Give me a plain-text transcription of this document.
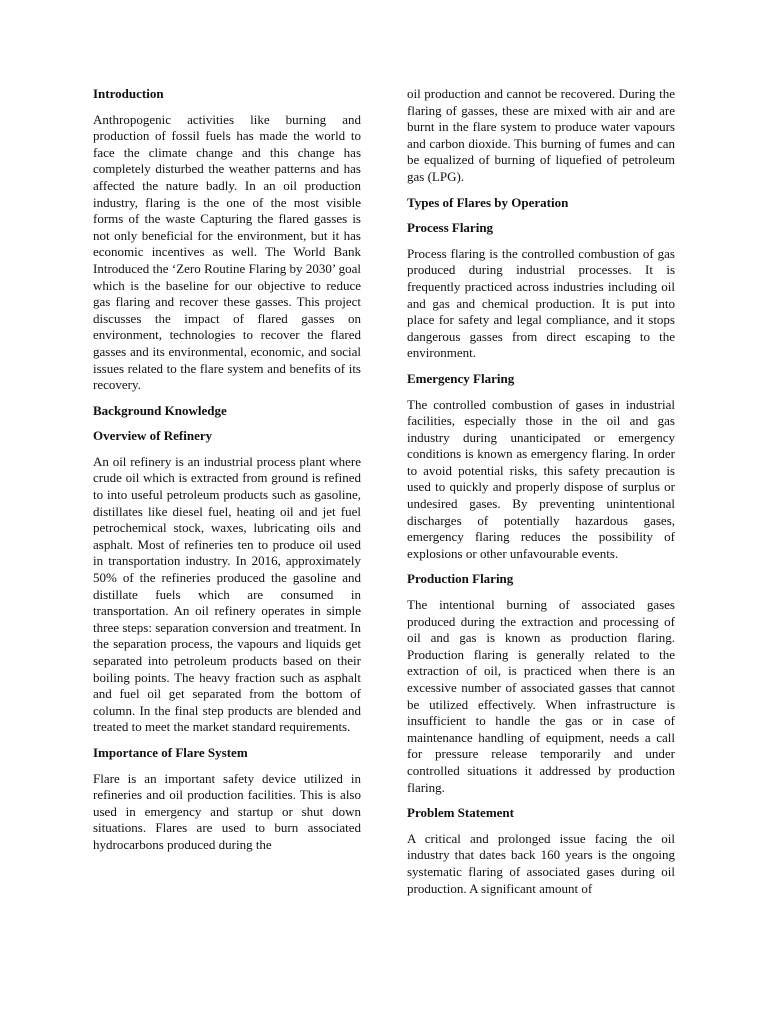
Introduction
Anthropogenic activities like burning and production of fossil fuels has made the world to face the climate change and this change has completely disturbed the weather patterns and has affected the nature badly. In an oil production industry, flaring is the one of the most visible forms of the waste Capturing the flared gasses is not only beneficial for the environment, but it has economic incentives as well. The World Bank Introduced the ‘Zero Routine Flaring by 2030’ goal which is the baseline for our objective to reduce gas flaring and recover these gasses. This project discusses the impact of flared gasses on environment, technologies to recover the flared gasses and its environmental, economic, and social issues related to the flare system and benefits of its recovery.
Background Knowledge
Overview of Refinery
An oil refinery is an industrial process plant where crude oil which is extracted from ground is refined to into useful petroleum products such as gasoline, distillates like diesel fuel, heating oil and jet fuel petrochemical stock, waxes, lubricating oils and asphalt. Most of refineries ten to produce oil used in transportation industry. In 2016, approximately 50% of the refineries produced the gasoline and distillate fuels which are consumed in transportation. An oil refinery operates in simple three steps: separation conversion and treatment. In the separation process, the vapours and liquids get separated into petroleum products based on their boiling points. The heavy fraction such as asphalt and fuel oil get separated from the bottom of column. In the final step products are blended and treated to meet the market standard requirements.
Importance of Flare System
Flare is an important safety device utilized in refineries and oil production facilities. This is also used in emergency and startup or shut down situations. Flares are used to burn associated hydrocarbons produced during the
oil production and cannot be recovered. During the flaring of gasses, these are mixed with air and are burnt in the flare system to produce water vapours and carbon dioxide. This burning of fumes and can be equalized of burning of liquefied of petroleum gas (LPG).
Types of Flares by Operation
Process Flaring
Process flaring is the controlled combustion of gas produced during industrial processes. It is frequently practiced across industries including oil and gas and chemical production. It is put into place for safety and legal compliance, and it stops dangerous gasses from direct escaping to the environment.
Emergency Flaring
The controlled combustion of gases in industrial facilities, especially those in the oil and gas industry during unanticipated or emergency conditions is known as emergency flaring. In order to avoid potential risks, this safety precaution is used to quickly and properly dispose of surplus or undesired gases. By preventing unintentional discharges of potentially hazardous gases, emergency flaring reduces the possibility of explosions or other unfavourable events.
Production Flaring
The intentional burning of associated gases produced during the extraction and processing of oil and gas is known as production flaring. Production flaring is generally related to the extraction of oil, is practiced when there is an excessive number of associated gasses that cannot be utilized effectively. When infrastructure is insufficient to handle the gas or in case of maintenance handling of equipment, needs a call for pressure release temporarily and under controlled situations it addressed by production flaring.
Problem Statement
A critical and prolonged issue facing the oil industry that dates back 160 years is the ongoing systematic flaring of associated gases during oil production. A significant amount of
